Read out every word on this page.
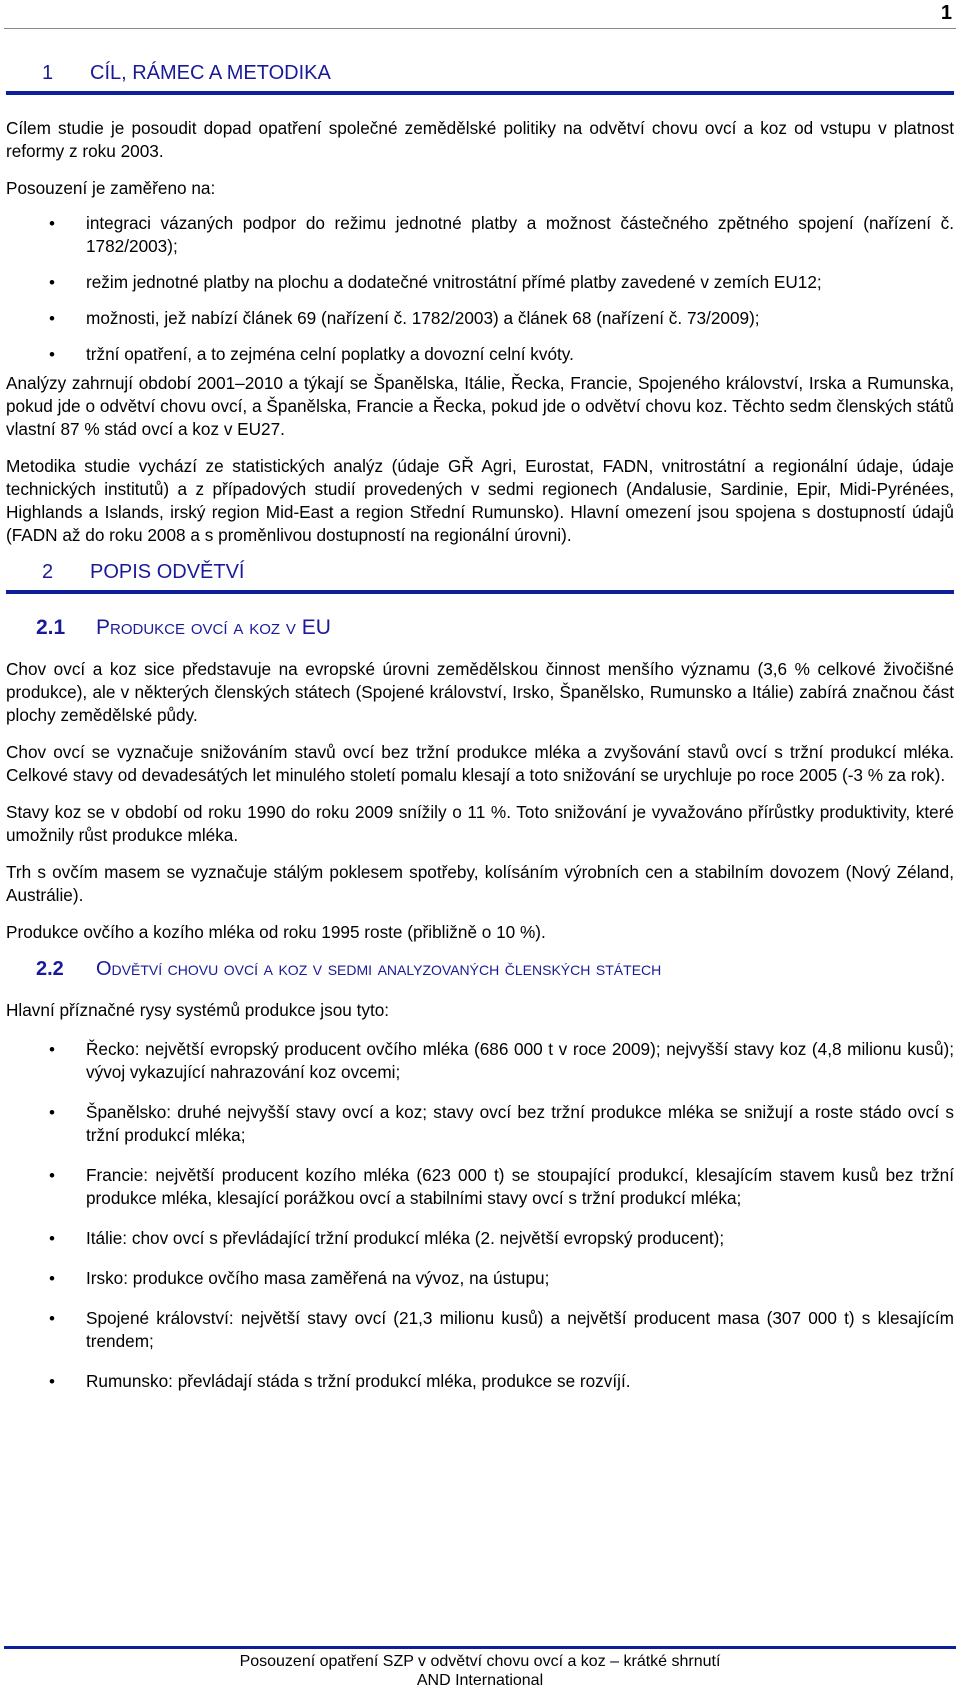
1
1	CÍL, RÁMEC A METODIKA

Cílem studie je posoudit dopad opatření společné zemědělské politiky na odvětví chovu ovcí a koz od vstupu v platnost reformy z roku 2003.

Posouzení je zaměřeno na:

• integraci vázaných podpor do režimu jednotné platby a možnost částečného zpětného spojení (nařízení č. 1782/2003);
• režim jednotné platby na plochu a dodatečné vnitrostátní přímé platby zavedené v zemích EU12;
• možnosti, jež nabízí článek 69 (nařízení č. 1782/2003) a článek 68 (nařízení č. 73/2009);
• tržní opatření, a to zejména celní poplatky a dovozní celní kvóty.

Analýzy zahrnují období 2001–2010 a týkají se Španělska, Itálie, Řecka, Francie, Spojeného království, Irska a Rumunska, pokud jde o odvětví chovu ovcí, a Španělska, Francie a Řecka, pokud jde o odvětví chovu koz. Těchto sedm členských států vlastní 87 % stád ovcí a koz v EU27.

Metodika studie vychází ze statistických analýz (údaje GŘ Agri, Eurostat, FADN, vnitrostátní a regionální údaje, údaje technických institutů) a z případových studií provedených v sedmi regionech (Andalusie, Sardinie, Epir, Midi-Pyrénées, Highlands a Islands, irský region Mid-East a region Střední Rumunsko). Hlavní omezení jsou spojena s dostupností údajů (FADN až do roku 2008 a s proměnlivou dostupností na regionální úrovni).

2	POPIS ODVĚTVÍ
2.1	Produkce ovcí a koz v EU

Chov ovcí a koz sice představuje na evropské úrovni zemědělskou činnost menšího významu (3,6 % celkové živočišné produkce), ale v některých členských státech (Spojené království, Irsko, Španělsko, Rumunsko a Itálie) zabírá značnou část plochy zemědělské půdy.

Chov ovcí se vyznačuje snižováním stavů ovcí bez tržní produkce mléka a zvyšování stavů ovcí s tržní produkcí mléka. Celkové stavy od devadesátých let minulého století pomalu klesají a toto snižování se urychluje po roce 2005 (-3 % za rok).

Stavy koz se v období od roku 1990 do roku 2009 snížily o 11 %. Toto snižování je vyvažováno přírůstky produktivity, které umožnily růst produkce mléka.

Trh s ovčím masem se vyznačuje stálým poklesem spotřeby, kolísáním výrobních cen a stabilním dovozem (Nový Zéland, Austrálie).

Produkce ovčího a kozího mléka od roku 1995 roste (přibližně o 10 %).

2.2	Odvětví chovu ovcí a koz v sedmi analyzovaných členských státech

Hlavní příznačné rysy systémů produkce jsou tyto:

• Řecko: největší evropský producent ovčího mléka (686 000 t v roce 2009); nejvyšší stavy koz (4,8 milionu kusů); vývoj vykazující nahrazování koz ovcemi;
• Španělsko: druhé nejvyšší stavy ovcí a koz; stavy ovcí bez tržní produkce mléka se snižují a roste stádo ovcí s tržní produkcí mléka;
• Francie: největší producent kozího mléka (623 000 t) se stoupající produkcí, klesajícím stavem kusů bez tržní produkce mléka, klesající porážkou ovcí a stabilními stavy ovcí s tržní produkcí mléka;
• Itálie: chov ovcí s převládající tržní produkcí mléka (2. největší evropský producent);
• Irsko: produkce ovčího masa zaměřená na vývoz, na ústupu;
• Spojené království: největší stavy ovcí (21,3 milionu kusů) a největší producent masa (307 000 t) s klesajícím trendem;
• Rumunsko: převládají stáda s tržní produkcí mléka, produkce se rozvíjí.
Posouzení opatření SZP v odvětví chovu ovcí a koz – krátké shrnutí
AND International
